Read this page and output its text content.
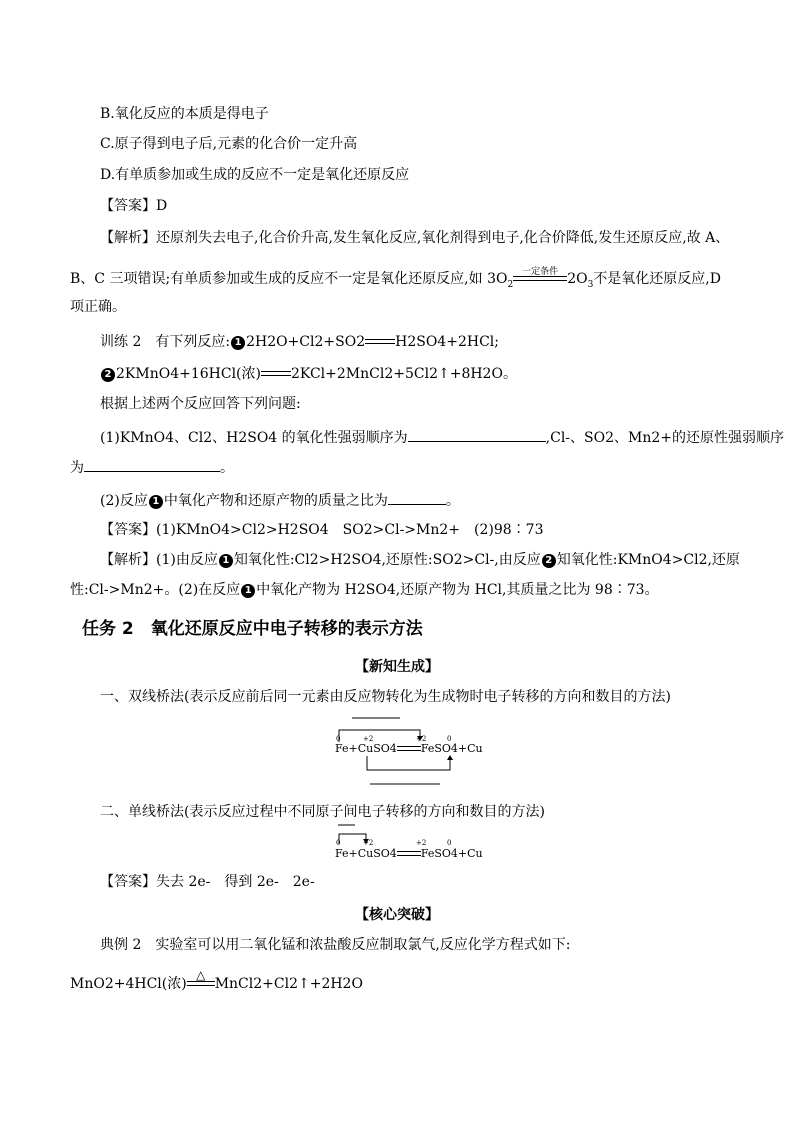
B.氧化反应的本质是得电子
C.原子得到电子后,元素的化合价一定升高
D.有单质参加或生成的反应不一定是氧化还原反应
【答案】D
【解析】还原剂失去电子,化合价升高,发生氧化反应,氧化剂得到电子,化合价降低,发生还原反应,故 A、
B、C 三项错误;有单质参加或生成的反应不一定是氧化还原反应,如 $3O_2$
一定条件 $2O_3$不是氧化还原反应,D
项正确。
训练 2　有下列反应: 1 2H2O+Cl2+SO2 H2SO4+2HCl;
2 2KMnO4+16HCl(浓) 2KCl+2MnCl2+5Cl2↑+8H2O。
根据上述两个反应回答下列问题:
(1)KMnO4、Cl2、H2SO4 的氧化性强弱顺序为	,Cl-、SO2、Mn2+的还原性强弱顺序
为	。
(2)反应 1 中氧化产物和还原产物的质量之比为	。
【答案】(1)KMnO4>Cl2>H2SO4　SO2>Cl->Mn2+　(2)98∶73
【解析】(1)由反应 1 知氧化性:Cl2>H2SO4,还原性:SO2>Cl-,由反应 2 知氧化性:KMnO4>Cl2,还原
性:Cl->Mn2+。(2)在反应 1 中氧化产物为 H2SO4,还原产物为 HCl,其质量之比为 98∶73。
任务 2　氧化还原反应中电子转移的表示方法
【新知生成】
一、双线桥法(表示反应前后同一元素由反应物转化为生成物时电子转移的方向和数目的方法)
0	+2	+2	0
Fe+CuSO4 FeSO4+Cu
二、单线桥法(表示反应过程中不同原子间电子转移的方向和数目的方法)
0	+2	+2	0
Fe+CuSO4 FeSO4+Cu
【答案】失去 2e-　得到 2e-　2e-
【核心突破】
典例 2　实验室可以用二氧化锰和浓盐酸反应制取氯气,反应化学方程式如下:
MnO2+4HCl(浓)
△
MnCl2+Cl2↑+2H2O
